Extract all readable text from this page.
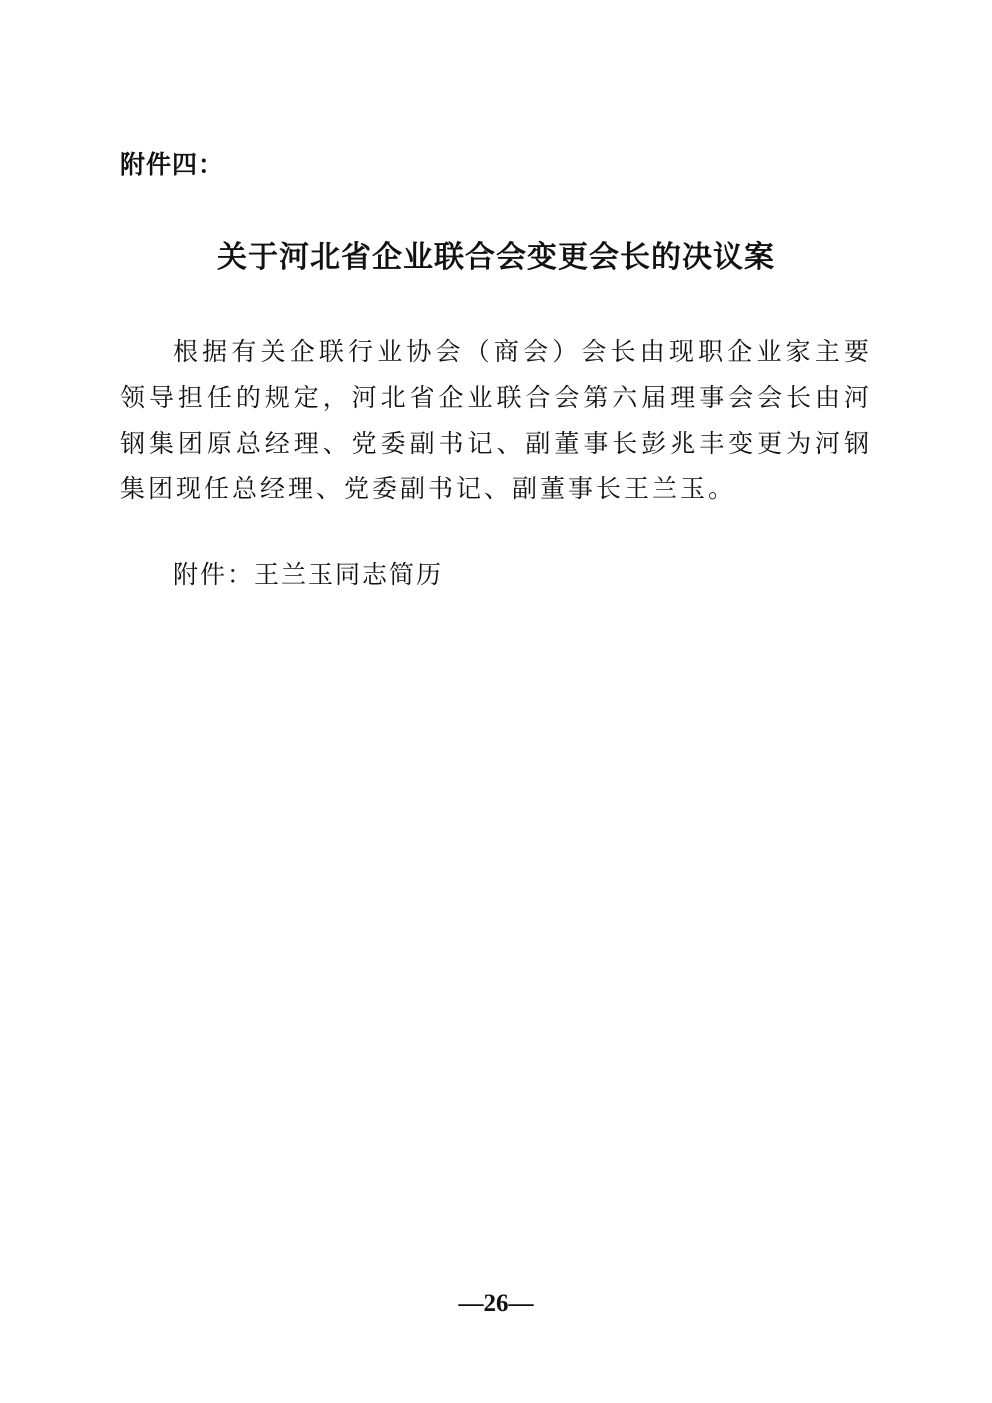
附件四：
关于河北省企业联合会变更会长的决议案

根据有关企联行业协会（商会）会长由现职企业家主要领导担任的规定，河北省企业联合会第六届理事会会长由河钢集团原总经理、党委副书记、副董事长彭兆丰变更为河钢集团现任总经理、党委副书记、副董事长王兰玉。

附件：王兰玉同志简历
—26—
